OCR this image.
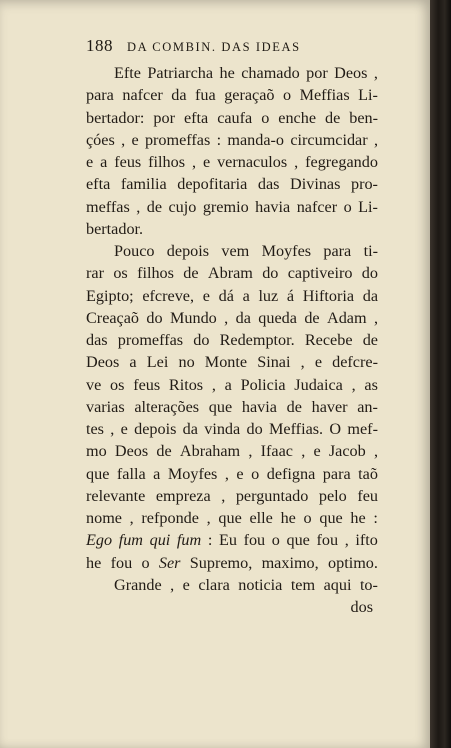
188 DA COMBIN. DAS IDEAS
Efte Patriarcha he chamado por Deos ,
para nafcer da fua geraçaõ o Meffias Li-
bertador: por efta caufa o enche de ben-
çóes , e promeffas : manda-o circumcidar ,
e a feus filhos , e vernaculos , fegregando
efta familia depofitaria das Divinas pro-
meffas , de cujo gremio havia nafcer o Li-
bertador.
Pouco depois vem Moyfes para ti-
rar os filhos de Abram do captiveiro do
Egipto; efcreve, e dá a luz á Hiftoria da
Creaçaõ do Mundo , da queda de Adam ,
das promeffas do Redemptor. Recebe de
Deos a Lei no Monte Sinai , e defcre-
ve os feus Ritos , a Policia Judaica , as
varias alterações que havia de haver an-
tes , e depois da vinda do Meffias. O mef-
mo Deos de Abraham , Ifaac , e Jacob ,
que falla a Moyfes , e o defigna para taõ
relevante empreza , perguntado pelo feu
nome , refponde , que elle he o que he :
Ego fum qui fum : Eu fou o que fou , ifto
he fou o Ser Supremo, maximo, optimo.
Grande , e clara noticia tem aqui to-
dos
